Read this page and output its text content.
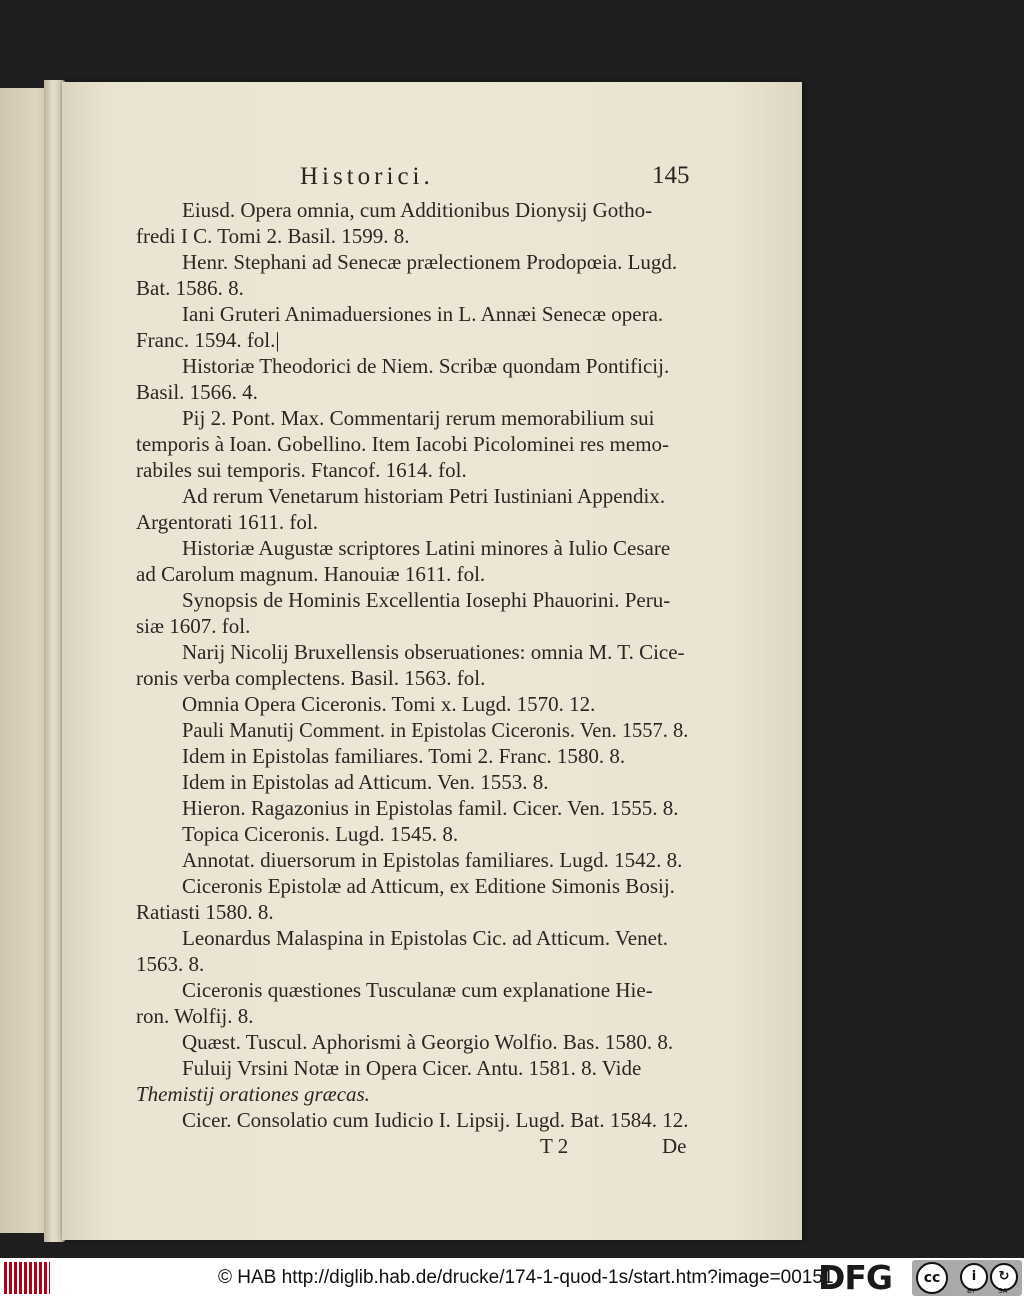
Historici.	145
Eiusd. Opera omnia, cum Additionibus Dionysij Gotho-
fredi I C. Tomi 2. Basil. 1599. 8.
Henr. Stephani ad Senecæ prælectionem Prodopœia. Lugd.
Bat. 1586. 8.
Iani Gruteri Animaduersiones in L. Annæi Senecæ opera.
Franc. 1594. fol.|
Historiæ Theodorici de Niem. Scribæ quondam Pontificij.
Basil. 1566. 4.
Pij 2. Pont. Max. Commentarij rerum memorabilium sui
temporis à Ioan. Gobellino. Item Iacobi Picolominei res memo-
rabiles sui temporis. Ftancof. 1614. fol.
Ad rerum Venetarum historiam Petri Iustiniani Appendix.
Argentorati 1611. fol.
Historiæ Augustæ scriptores Latini minores à Iulio Cesare
ad Carolum magnum. Hanouiæ 1611. fol.
Synopsis de Hominis Excellentia Iosephi Phauorini. Peru-
siæ 1607. fol.
Narij Nicolij Bruxellensis obseruationes: omnia M. T. Cice-
ronis verba complectens. Basil. 1563. fol.
Omnia Opera Ciceronis. Tomi x. Lugd. 1570. 12.
Pauli Manutij Comment. in Epistolas Ciceronis. Ven. 1557. 8.
Idem in Epistolas familiares. Tomi 2. Franc. 1580. 8.
Idem in Epistolas ad Atticum. Ven. 1553. 8.
Hieron. Ragazonius in Epistolas famil. Cicer. Ven. 1555. 8.
Topica Ciceronis. Lugd. 1545. 8.
Annotat. diuersorum in Epistolas familiares. Lugd. 1542. 8.
Ciceronis Epistolæ ad Atticum, ex Editione Simonis Bosij.
Ratiasti 1580. 8.
Leonardus Malaspina in Epistolas Cic. ad Atticum. Venet.
1563. 8.
Ciceronis quæstiones Tusculanæ cum explanatione Hie-
ron. Wolfij. 8.
Quæst. Tuscul. Aphorismi à Georgio Wolfio. Bas. 1580. 8.
Fuluij Vrsini Notæ in Opera Cicer. Antu. 1581. 8. Vide
Themistij orationes græcas.
Cicer. Consolatio cum Iudicio I. Lipsij. Lugd. Bat. 1584. 12.
T 2	De
© HAB http://diglib.hab.de/drucke/174-1-quod-1s/start.htm?image=00151
DFG	cc	i	↻
BY	SA
